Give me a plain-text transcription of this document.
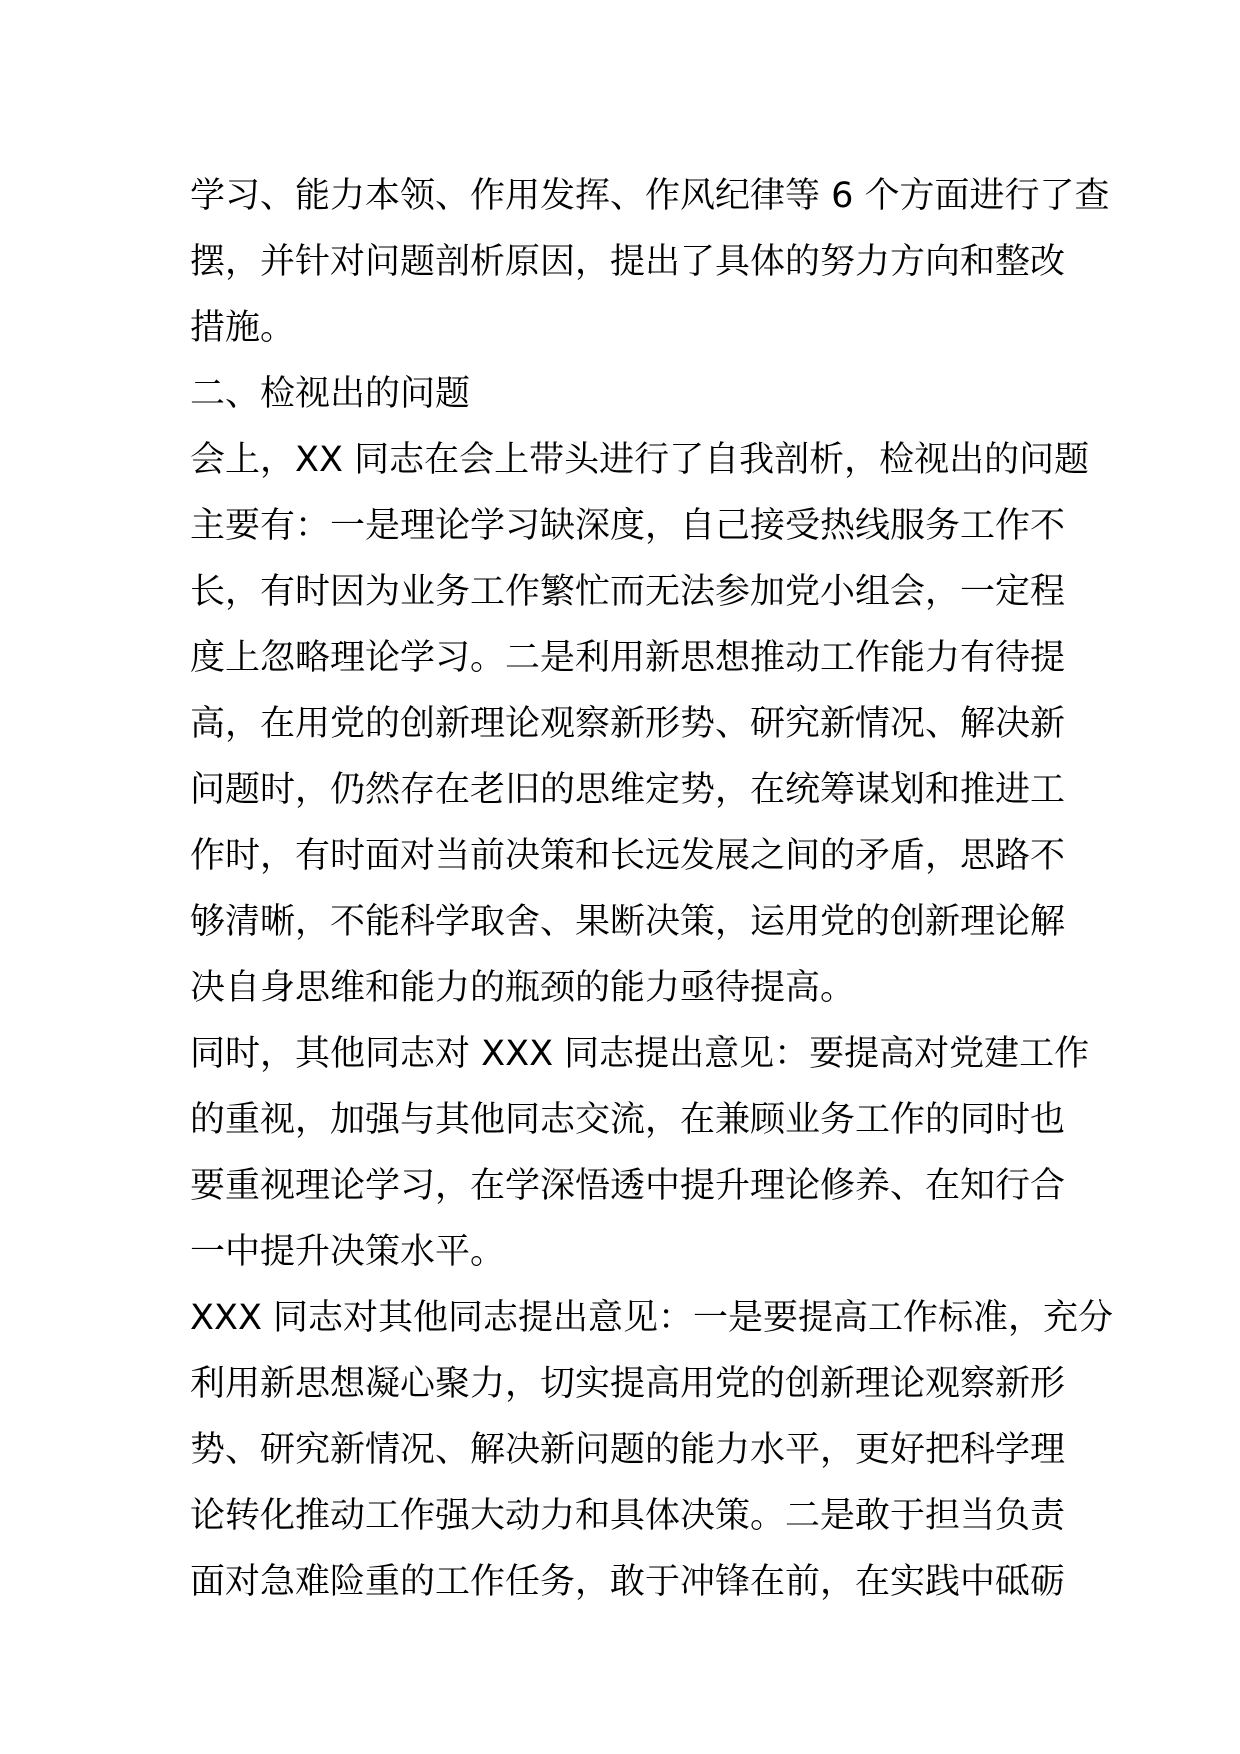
学习、能力本领、作用发挥、作风纪律等 6 个方面进行了查
摆，并针对问题剖析原因，提出了具体的努力方向和整改
措施。
二、检视出的问题
会上，XX 同志在会上带头进行了自我剖析，检视出的问题
主要有：一是理论学习缺深度，自己接受热线服务工作不
长，有时因为业务工作繁忙而无法参加党小组会，一定程
度上忽略理论学习。二是利用新思想推动工作能力有待提
高，在用党的创新理论观察新形势、研究新情况、解决新
问题时，仍然存在老旧的思维定势，在统筹谋划和推进工
作时，有时面对当前决策和长远发展之间的矛盾，思路不
够清晰，不能科学取舍、果断决策，运用党的创新理论解
决自身思维和能力的瓶颈的能力亟待提高。
同时，其他同志对 XXX 同志提出意见：要提高对党建工作
的重视，加强与其他同志交流，在兼顾业务工作的同时也
要重视理论学习，在学深悟透中提升理论修养、在知行合
一中提升决策水平。
XXX 同志对其他同志提出意见：一是要提高工作标准，充分
利用新思想凝心聚力，切实提高用党的创新理论观察新形
势、研究新情况、解决新问题的能力水平，更好把科学理
论转化推动工作强大动力和具体决策。二是敢于担当负责
面对急难险重的工作任务，敢于冲锋在前，在实践中砥砺
